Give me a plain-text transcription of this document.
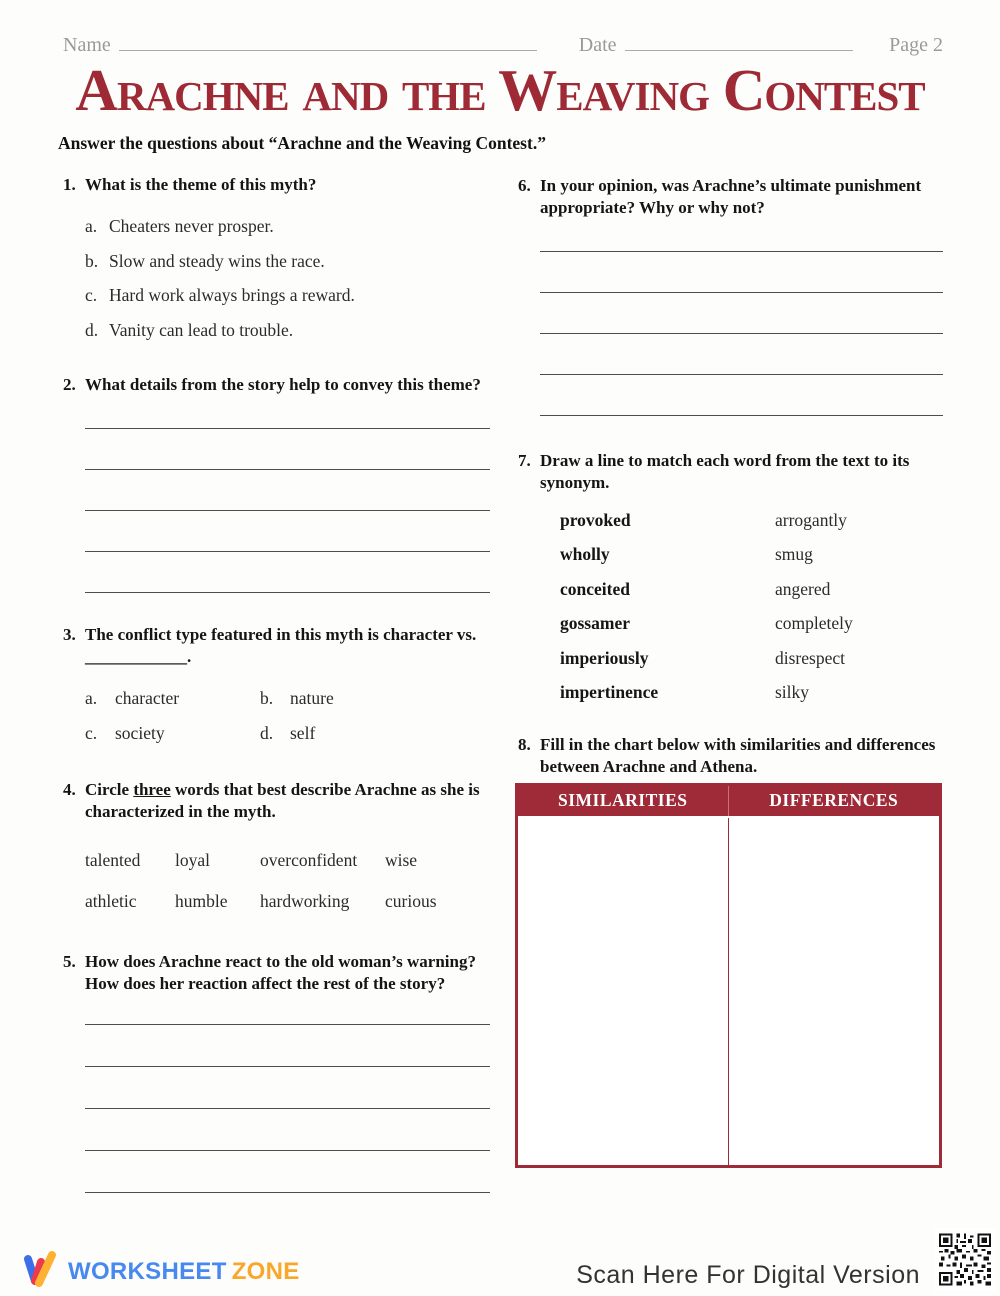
Name	Date	Page 2
Arachne and the Weaving Contest
Answer the questions about “Arachne and the Weaving Contest.”
1. What is the theme of this myth?
a. Cheaters never prosper.
b. Slow and steady wins the race.
c. Hard work always brings a reward.
d. Vanity can lead to trouble.
2. What details from the story help to convey this theme?
3. The conflict type featured in this myth is character vs.
____________.
a.	character	b. nature
c.	society	d. self
4. Circle three words that best describe Arachne as she is characterized in the myth.
talented	loyal	overconfident	wise
athletic	humble	hardworking	curious
5. How does Arachne react to the old woman’s warning? How does her reaction affect the rest of the story?
6. In your opinion, was Arachne’s ultimate punishment appropriate? Why or why not?
7. Draw a line to match each word from the text to its synonym.
provoked	arrogantly
wholly	smug
conceited	angered
gossamer	completely
imperiously	disrespect
impertinence	silky
8. Fill in the chart below with similarities and differences between Arachne and Athena.
SIMILARITIES	DIFFERENCES
WORKSHEET ZONE	Scan Here For Digital Version
